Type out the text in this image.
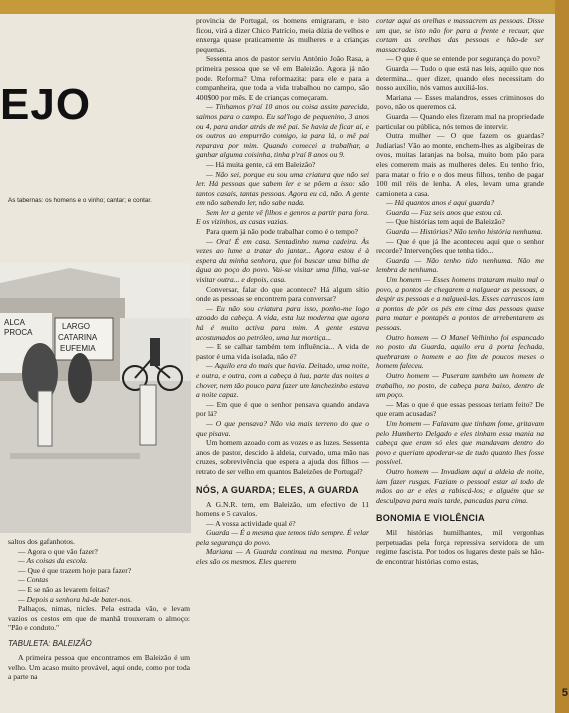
EJO
As tabernas: os homens e o vinho; cantar; e contar.
ALCA
PROCA
LARGO
CATARINA
EUFEMIA

saltos dos gafanhotos.

— Agora o que vão fazer?

— As coisas da escola.

— Que é que trazem hoje para fazer?

— Contas

— E se não as levarem feitas?

— Depois a senhora há-de bater-nos.

Palhaços, nimas, nicles. Pela estrada vão, e levam vazios os cestos em que de manhã trouxeram o almoço: "Pão e conduto."

TABULETA: BALEIZÃO

A primeira pessoa que encontramos em Baleizão é um velho. Um acaso muito provável, aqui onde, como por toda a parte na

província de Portugal, os homens emigraram, e isto ficou, virá a dizer Chico Patrício, meia dúzia de velhos e enxerga quase praticamente às mulheres e a crianças pequenas.

Sessenta anos de pastor serviu António João Rasa, a primeira pessoa que se vê em Baleizão. Agora já não pode. Reforma? Uma reformazita: para ele e para a companheira, que toda a vida trabalhou no campo, são 400$00 por mês. E de crianças começaram.

— Tínhamos p'raí 10 anos ou coisa assim parecida, saímos para o campo. Eu sal'logo de pequenino, 3 anos ou 4, para andar atrás de mê pai. Se havia de ficar aí, e os outros ao empurrão comigo, ia para lá, o mê pai reparava por mim. Quando comecei a trabalhar, a ganhar alguma coisinha, tinha p'raí 8 anos ou 9.

— Há muita gente, cá em Baleizão?

— Não sei, porque eu sou uma criatura que não sei ler. Há pessoas que sabem ler e se põem a isso: são tantos casais, tantas pessoas. Agora eu cá, não. A gente em não sabendo ler, não sabe nada.

Sem ler a gente vê filhos e genros a partir para fora. E os vizinhos, as casas vazias.

Para quem já não pode trabalhar como é o tempo?

— Ora! É em casa. Sentadinho numa cadeira. Às vezes ao lume a tratar do jantar... Agora estou é à espera da minha senhora, que foi buscar uma bilha de água ao poço do povo. Vai-se visitar uma filha, vai-se visitar outra... e depois, casa.

Conversar, falar do que acontece? Há algum sítio onde as pessoas se encontrem para conversar?

— Eu não sou criatura para isso, ponho-me logo azoado da cabeça. A vida, esta luz moderna que agora há é muito activa para mim. A gente estava acostumados ao petróleo, uma luz mortiça...

— E se calhar também tem influência... A vida de pastor é uma vida isolada, não é?

— Aquilo era do mais que havia. Deitado, uma noite, e outra, e outra, com a cabeça à lua, parte das noites a chover, nem tão pouco para fazer um lanchezinho estava a noite capaz.

— Em que é que o senhor pensava quando andava por lá?

— O que pensava? Não via mais terreno do que o que pisava.

Um homem azoado com as vozes e as luzes. Sessenta anos de pastor, descido à aldeia, curvado, uma mão nas cruzes, sobrevivência que espera a ajuda dos filhos — retrato de ser velho em quantos Baleizões de Portugal?

NÓS, A GUARDA; ELES, A GUARDA

A G.N.R. tem, em Baleizão, um efectivo de 11 homens e 5 cavalos.

— A vossa actividade qual é?

Guarda — É a mesma que temos tido sempre. É velar pela segurança do povo.

Mariana — A Guarda continua na mesma. Porque eles são os mesmos. Eles querem

cortar aqui as orelhas e massacrem as pessoas. Disse um que, se isto não for para a frente e recuar, que cortam as orelhas das pessoas e hão-de ser massacradas.

— O que é que se entende por segurança do povo?

Guarda — Tudo o que está nas leis, aquilo que nos determina... quer dizer, quando eles necessitam do nosso auxílio, nós vamos auxiliá-los.

Mariana — Esses malandros, esses criminosos do povo, não os queremos cá.

Guarda — Quando eles fizeram mal na propriedade particular ou pública, nós temos de intervir.

Outra mulher — O que fazem os guardas? Judiarias! Vão ao monte, enchem-lhes as algibeiras de ovos, muitas laranjas na bolsa, muito bom pão para eles comerem mais as mulheres deles. Eu tenho frio, para matar o frio e o dos meus filhos, tenho de pagar 100 mil réis de lenha. A eles, levam uma grande camioneta a casa.

— Há quantos anos é aqui guarda?

Guarda — Faz seis anos que estou cá.

— Que histórias tem aqui de Baleizão?

Guarda — Histórias? Não tenho história nenhuma.

— Que é que já lhe aconteceu aqui que o senhor recorde? Intervenções que tenha tido...

Guarda — Não tenho tido nenhuma. Não me lembra de nenhuma.

Um homem — Esses homens trataram muito mal o povo, a pontos de chegarem a nalguear as pessoas, a despir as pessoas e a nalgueá-las. Esses carrascos iam a pontos de pôr os pés em cima das pessoas quase para matar e pontapés a pontos de arrebentarem as pessoas.

Outro homem — O Manel Velhinho foi espancado no posto da Guarda, aquilo era à porta fechada, quebraram o homem e ao fim de poucos meses o homem faleceu.

Outro homem — Puseram também um homem de trabalho, no posto, de cabeça para baixo, dentro de um poço.

— Mas o que é que essas pessoas teriam feito? De que eram acusadas?

Um homem — Falavam que tinham fome, gritavam pelo Humberto Delgado e eles tinham essa mania na cabeça que eram só eles que mandavam dentro do povo e queriam apoderar-se de tudo quanto lhes fosse possível.

Outro homem — Invadiam aqui a aldeia de noite, iam fazer rusgas. Faziam o pessoal estar aí todo de mãos ao ar e eles a rabiscá-los; e alguém que se desculpava para mais tarde, pancadas para cima.

BONOMIA E VIOLÊNCIA

Mil histórias humilhantes, mil vergonhas perpetuadas pela força repressiva servidora de um regime fascista. Por todos os lugares deste país se hão-de encontrar histórias como estas,

5
